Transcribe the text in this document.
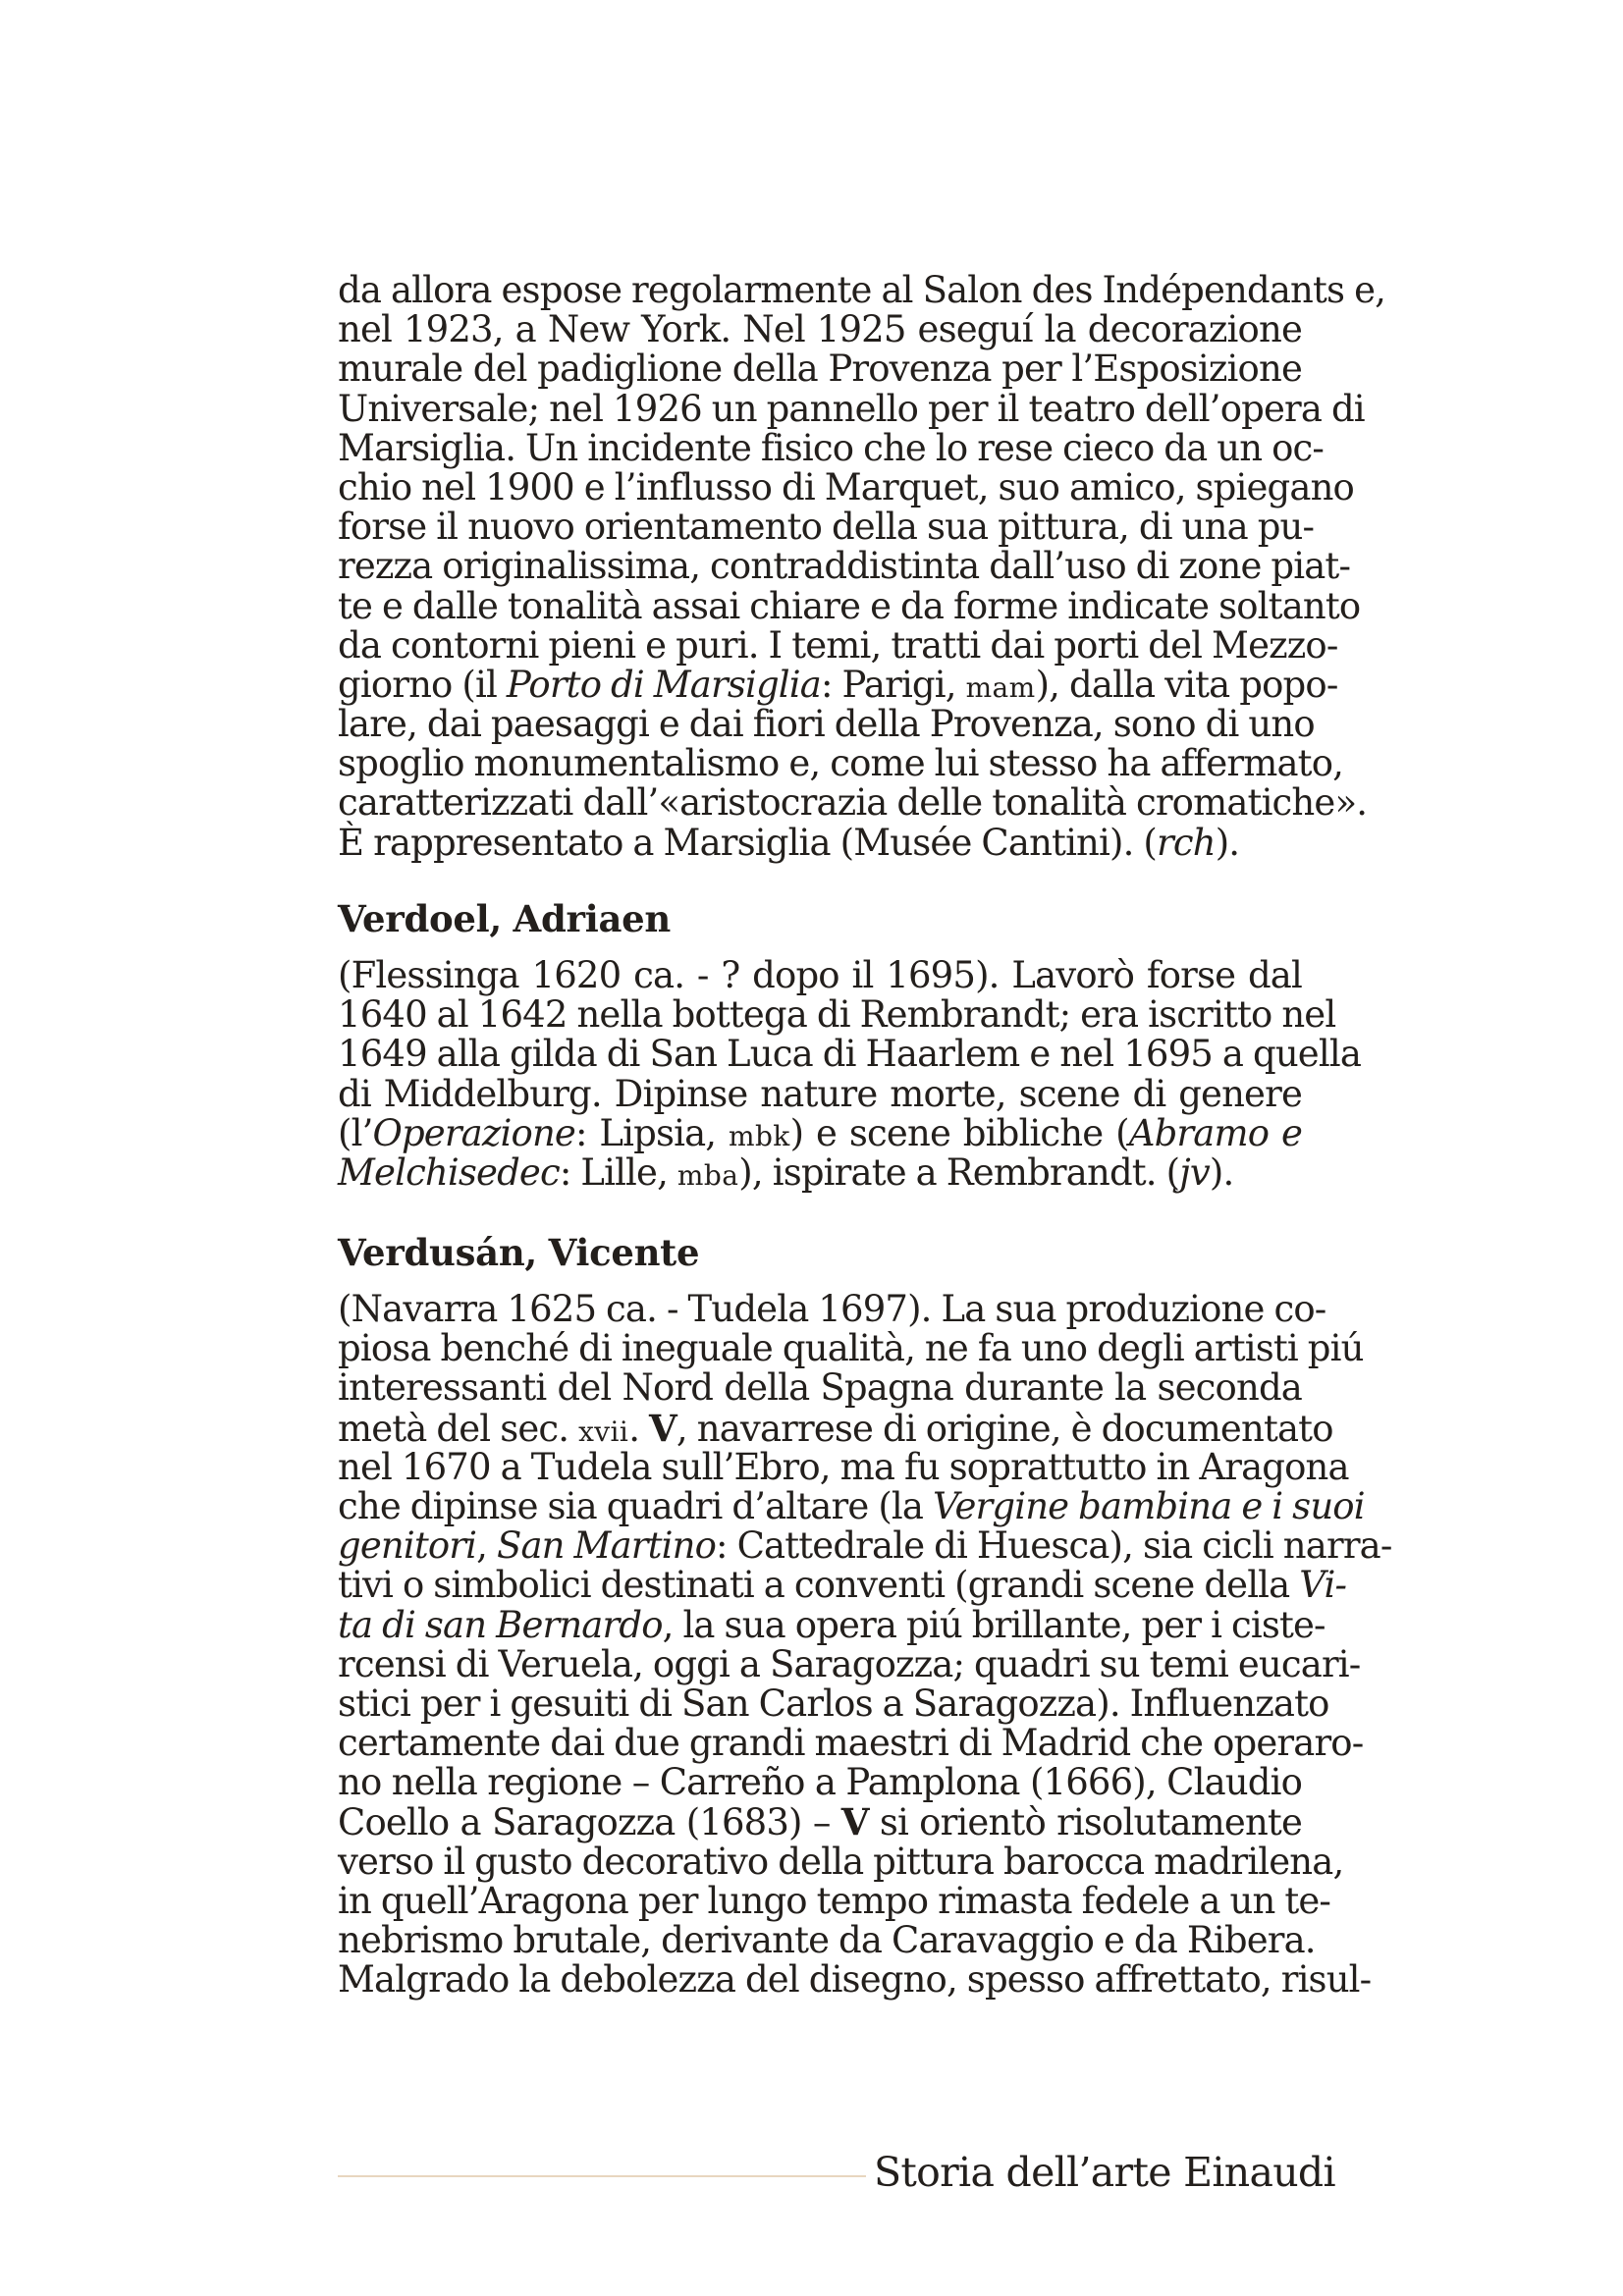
da allora espose regolarmente al Salon des Indépendants e,
nel 1923, a New York. Nel 1925 eseguí la decorazione
murale del padiglione della Provenza per l’Esposizione
Universale; nel 1926 un pannello per il teatro dell’opera di
Marsiglia. Un incidente fisico che lo rese cieco da un oc-
chio nel 1900 e l’influsso di Marquet, suo amico, spiegano
forse il nuovo orientamento della sua pittura, di una pu-
rezza originalissima, contraddistinta dall’uso di zone piat-
te e dalle tonalità assai chiare e da forme indicate soltanto
da contorni pieni e puri. I temi, tratti dai porti del Mezzo-
giorno (il Porto di Marsiglia: Parigi, mam), dalla vita popo-
lare, dai paesaggi e dai fiori della Provenza, sono di uno
spoglio monumentalismo e, come lui stesso ha affermato,
caratterizzati dall’«aristocrazia delle tonalità cromatiche».
È rappresentato a Marsiglia (Musée Cantini). (rch).
Verdoel, Adriaen
(Flessinga 1620 ca. - ? dopo il 1695). Lavorò forse dal
1640 al 1642 nella bottega di Rembrandt; era iscritto nel
1649 alla gilda di San Luca di Haarlem e nel 1695 a quella
di Middelburg. Dipinse nature morte, scene di genere
(l’Operazione: Lipsia, mbk) e scene bibliche (Abramo e
Melchisedec: Lille, mba), ispirate a Rembrandt. (jv).
Verdusán, Vicente
(Navarra 1625 ca. - Tudela 1697). La sua produzione co-
piosa benché di ineguale qualità, ne fa uno degli artisti piú
interessanti del Nord della Spagna durante la seconda
metà del sec. xvii. V, navarrese di origine, è documentato
nel 1670 a Tudela sull’Ebro, ma fu soprattutto in Aragona
che dipinse sia quadri d’altare (la Vergine bambina e i suoi
genitori, San Martino: Cattedrale di Huesca), sia cicli narra-
tivi o simbolici destinati a conventi (grandi scene della Vi-
ta di san Bernardo, la sua opera piú brillante, per i ciste-
rcensi di Veruela, oggi a Saragozza; quadri su temi eucari-
stici per i gesuiti di San Carlos a Saragozza). Influenzato
certamente dai due grandi maestri di Madrid che operaro-
no nella regione – Carreño a Pamplona (1666), Claudio
Coello a Saragozza (1683) – V si orientò risolutamente
verso il gusto decorativo della pittura barocca madrilena,
in quell’Aragona per lungo tempo rimasta fedele a un te-
nebrismo brutale, derivante da Caravaggio e da Ribera.
Malgrado la debolezza del disegno, spesso affrettato, risul-
Storia dell’arte Einaudi
